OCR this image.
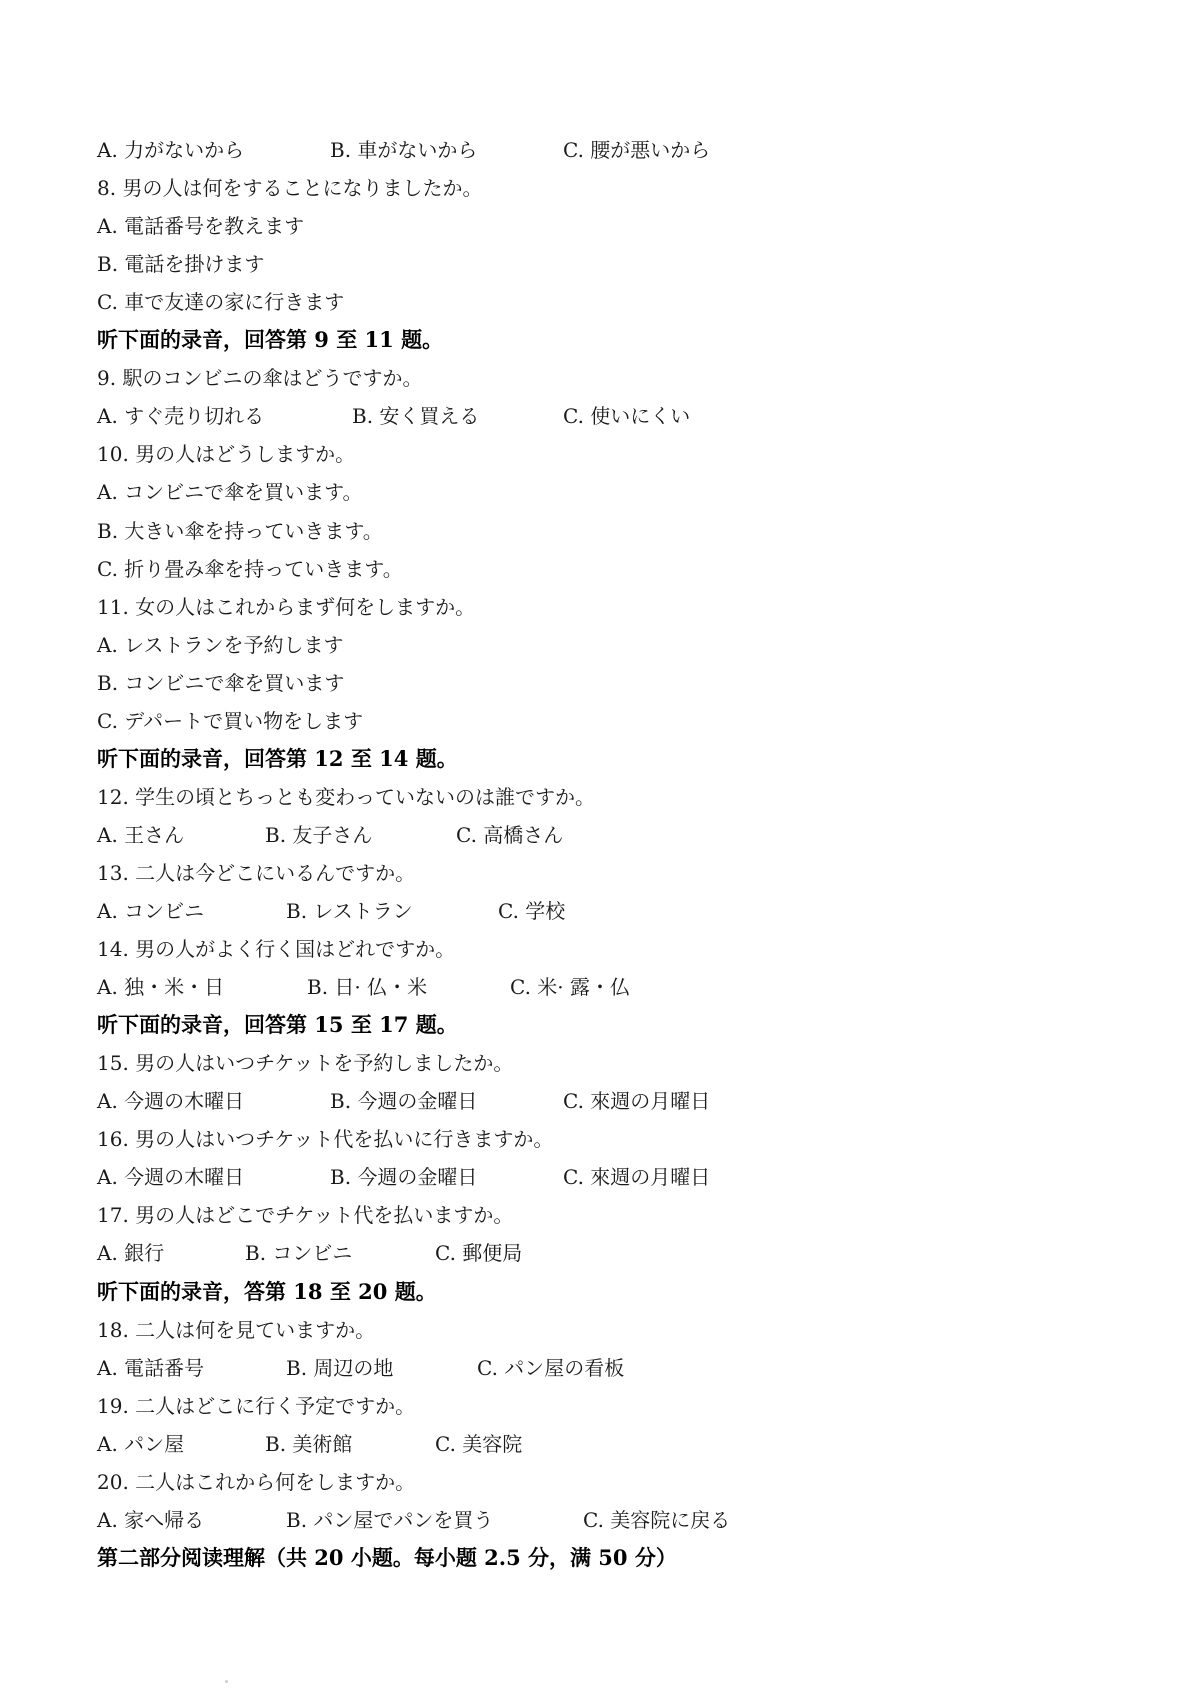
A. 力がないから	B. 車がないから	C. 腰が悪いから
8. 男の人は何をすることになりましたか。
A. 電話番号を教えます
B. 電話を掛けます
C. 車で友達の家に行きます
听下面的录音，回答第 9 至 11 题。
9. 駅のコンビニの傘はどうですか。
A. すぐ売り切れる	B. 安く買える	C. 使いにくい
10. 男の人はどうしますか。
A. コンビニで傘を買います。
B. 大きい傘を持っていきます。
C. 折り畳み傘を持っていきます。
11. 女の人はこれからまず何をしますか。
A. レストランを予約します
B. コンビニで傘を買います
C. デパートで買い物をします
听下面的录音，回答第 12 至 14 题。
12. 学生の頃とちっとも変わっていないのは誰ですか。
A. 王さん	B. 友子さん	C. 高橋さん
13. 二人は今どこにいるんですか。
A. コンビニ	B. レストラン	C. 学校
14. 男の人がよく行く国はどれですか。
A. 独・米・日	B. 日· 仏・米	C. 米· 露・仏
听下面的录音，回答第 15 至 17 题。
15. 男の人はいつチケットを予約しましたか。
A. 今週の木曜日	B. 今週の金曜日	C. 來週の月曜日
16. 男の人はいつチケット代を払いに行きますか。
A. 今週の木曜日	B. 今週の金曜日	C. 來週の月曜日
17. 男の人はどこでチケット代を払いますか。
A. 銀行	B. コンビニ	C. 郵便局
听下面的录音，答第 18 至 20 题。
18. 二人は何を見ていますか。
A. 電話番号	B. 周辺の地	C. パン屋の看板
19. 二人はどこに行く予定ですか。
A. パン屋	B. 美術館	C. 美容院
20. 二人はこれから何をしますか。
A. 家へ帰る	B. パン屋でパンを買う	C. 美容院に戻る
第二部分阅读理解（共 20 小题。每小题 2.5 分，满 50 分）
